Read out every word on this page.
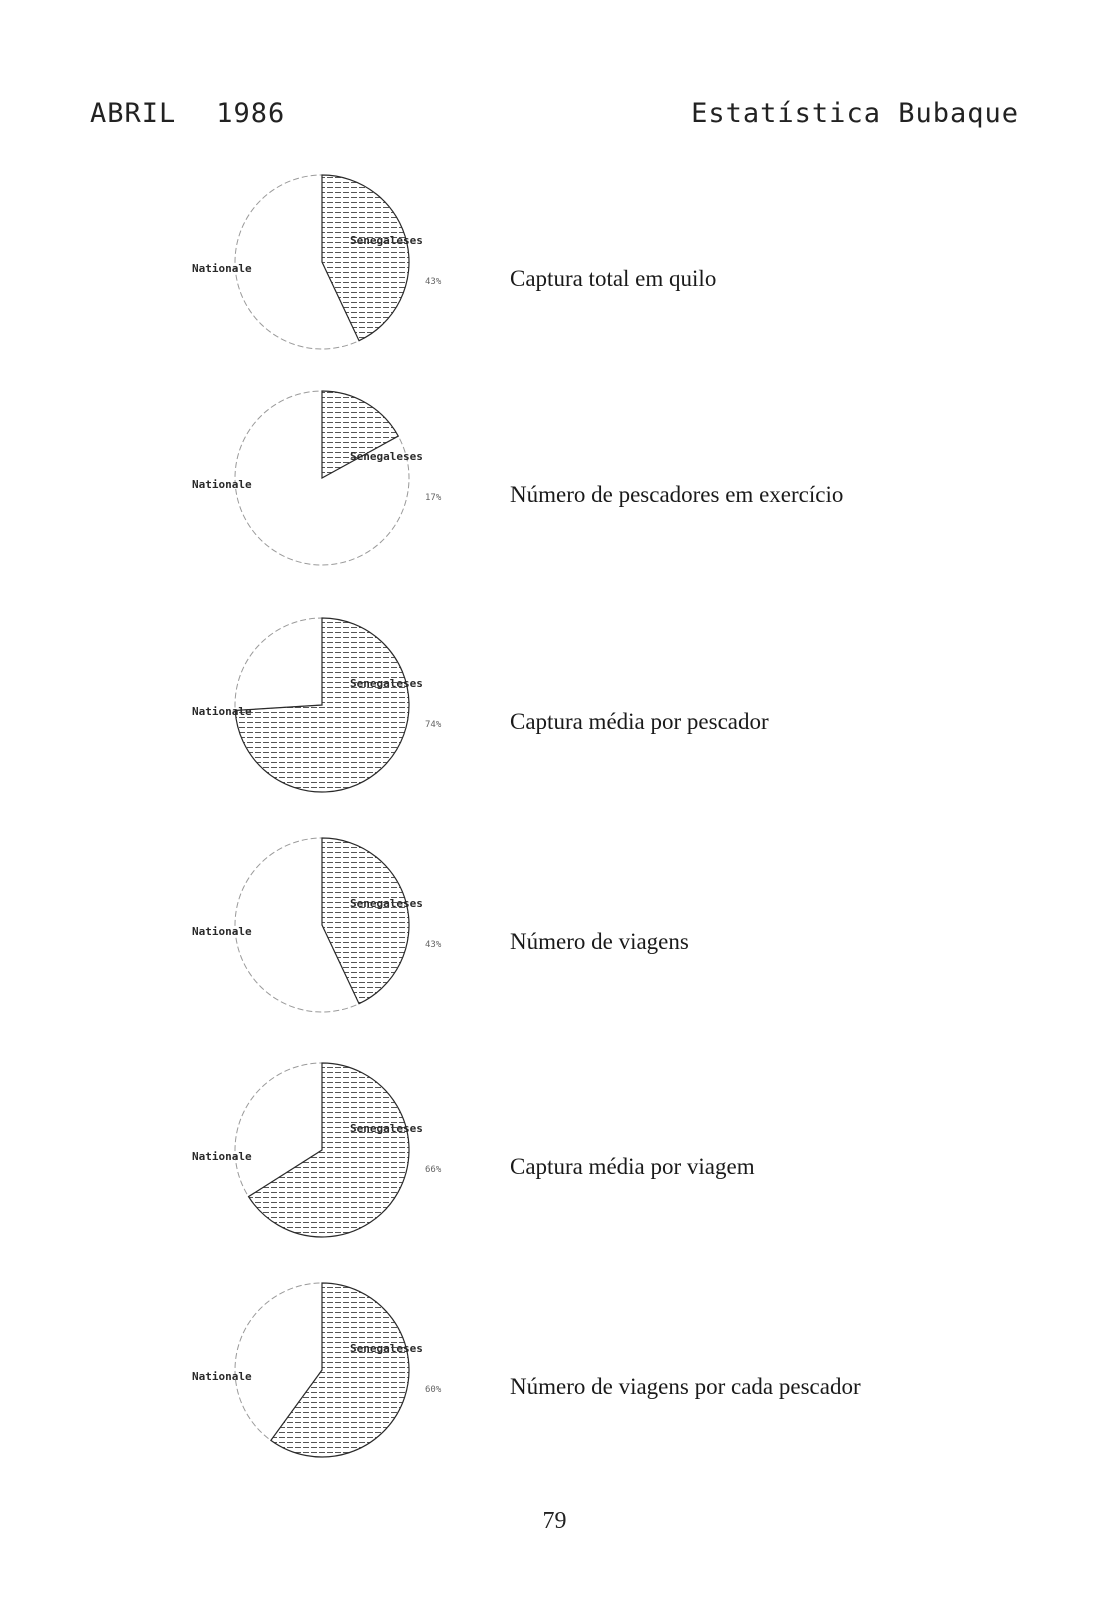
ABRIL 1986	Estatística Bubaque
Nationale
Senegaleses
43%	Captura total em quilo
Nationale
Senegaleses
17%	Número de pescadores em exercício
Nationale
Senegaleses
74%	Captura média por pescador
Nationale
Senegaleses
43%	Número de viagens
Nationale
Senegaleses
66%	Captura média por viagem
Nationale
Senegaleses
60%	Número de viagens por cada pescador
79
